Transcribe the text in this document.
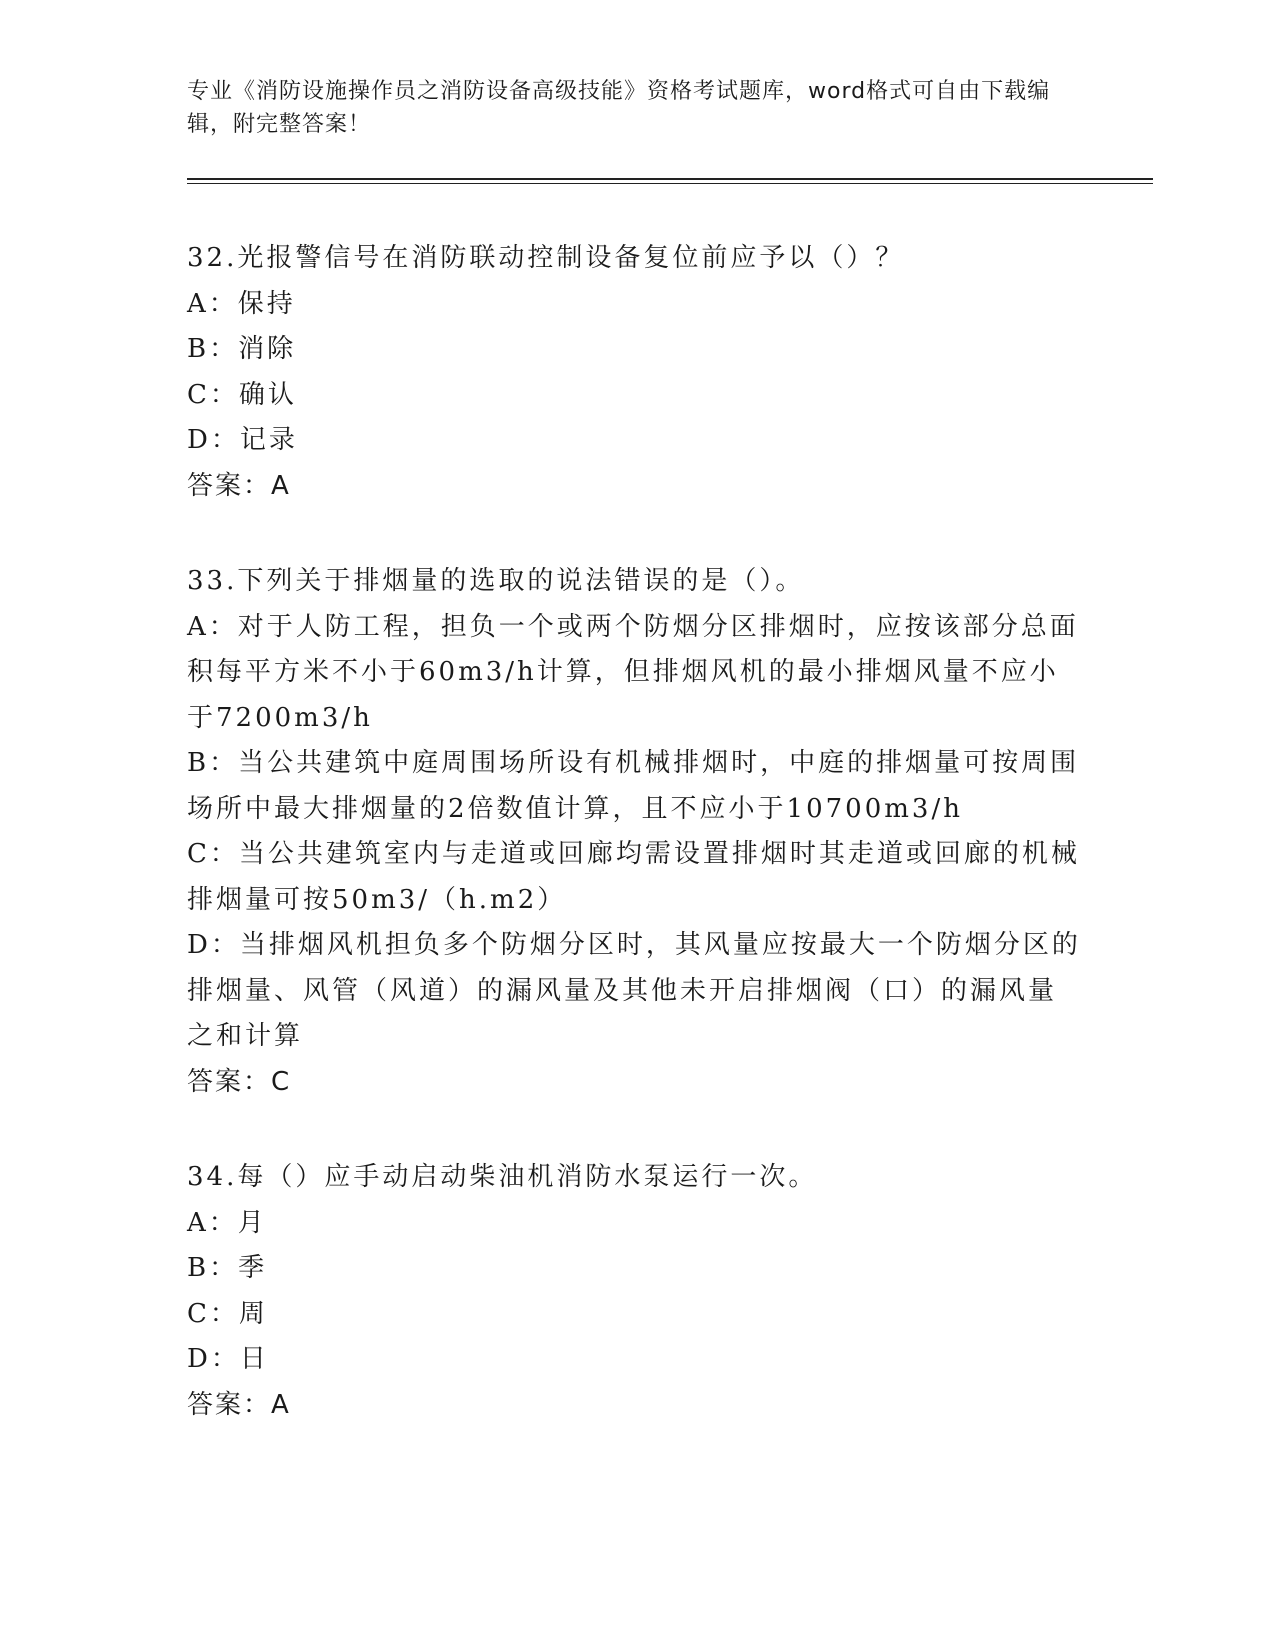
专业《消防设施操作员之消防设备高级技能》资格考试题库，word格式可自由下载编辑，附完整答案！
32.光报警信号在消防联动控制设备复位前应予以（）？
A：保持
B：消除
C：确认
D：记录
答案：A
33.下列关于排烟量的选取的说法错误的是（）。
A：对于人防工程，担负一个或两个防烟分区排烟时，应按该部分总面积每平方米不小于60m3/h计算，但排烟风机的最小排烟风量不应小于7200m3/h
B：当公共建筑中庭周围场所设有机械排烟时，中庭的排烟量可按周围场所中最大排烟量的2倍数值计算，且不应小于10700m3/h
C：当公共建筑室内与走道或回廊均需设置排烟时其走道或回廊的机械排烟量可按50m3/（h.m2）
D：当排烟风机担负多个防烟分区时，其风量应按最大一个防烟分区的排烟量、风管（风道）的漏风量及其他未开启排烟阀（口）的漏风量之和计算
答案：C
34.每（）应手动启动柴油机消防水泵运行一次。
A：月
B：季
C：周
D：日
答案：A
